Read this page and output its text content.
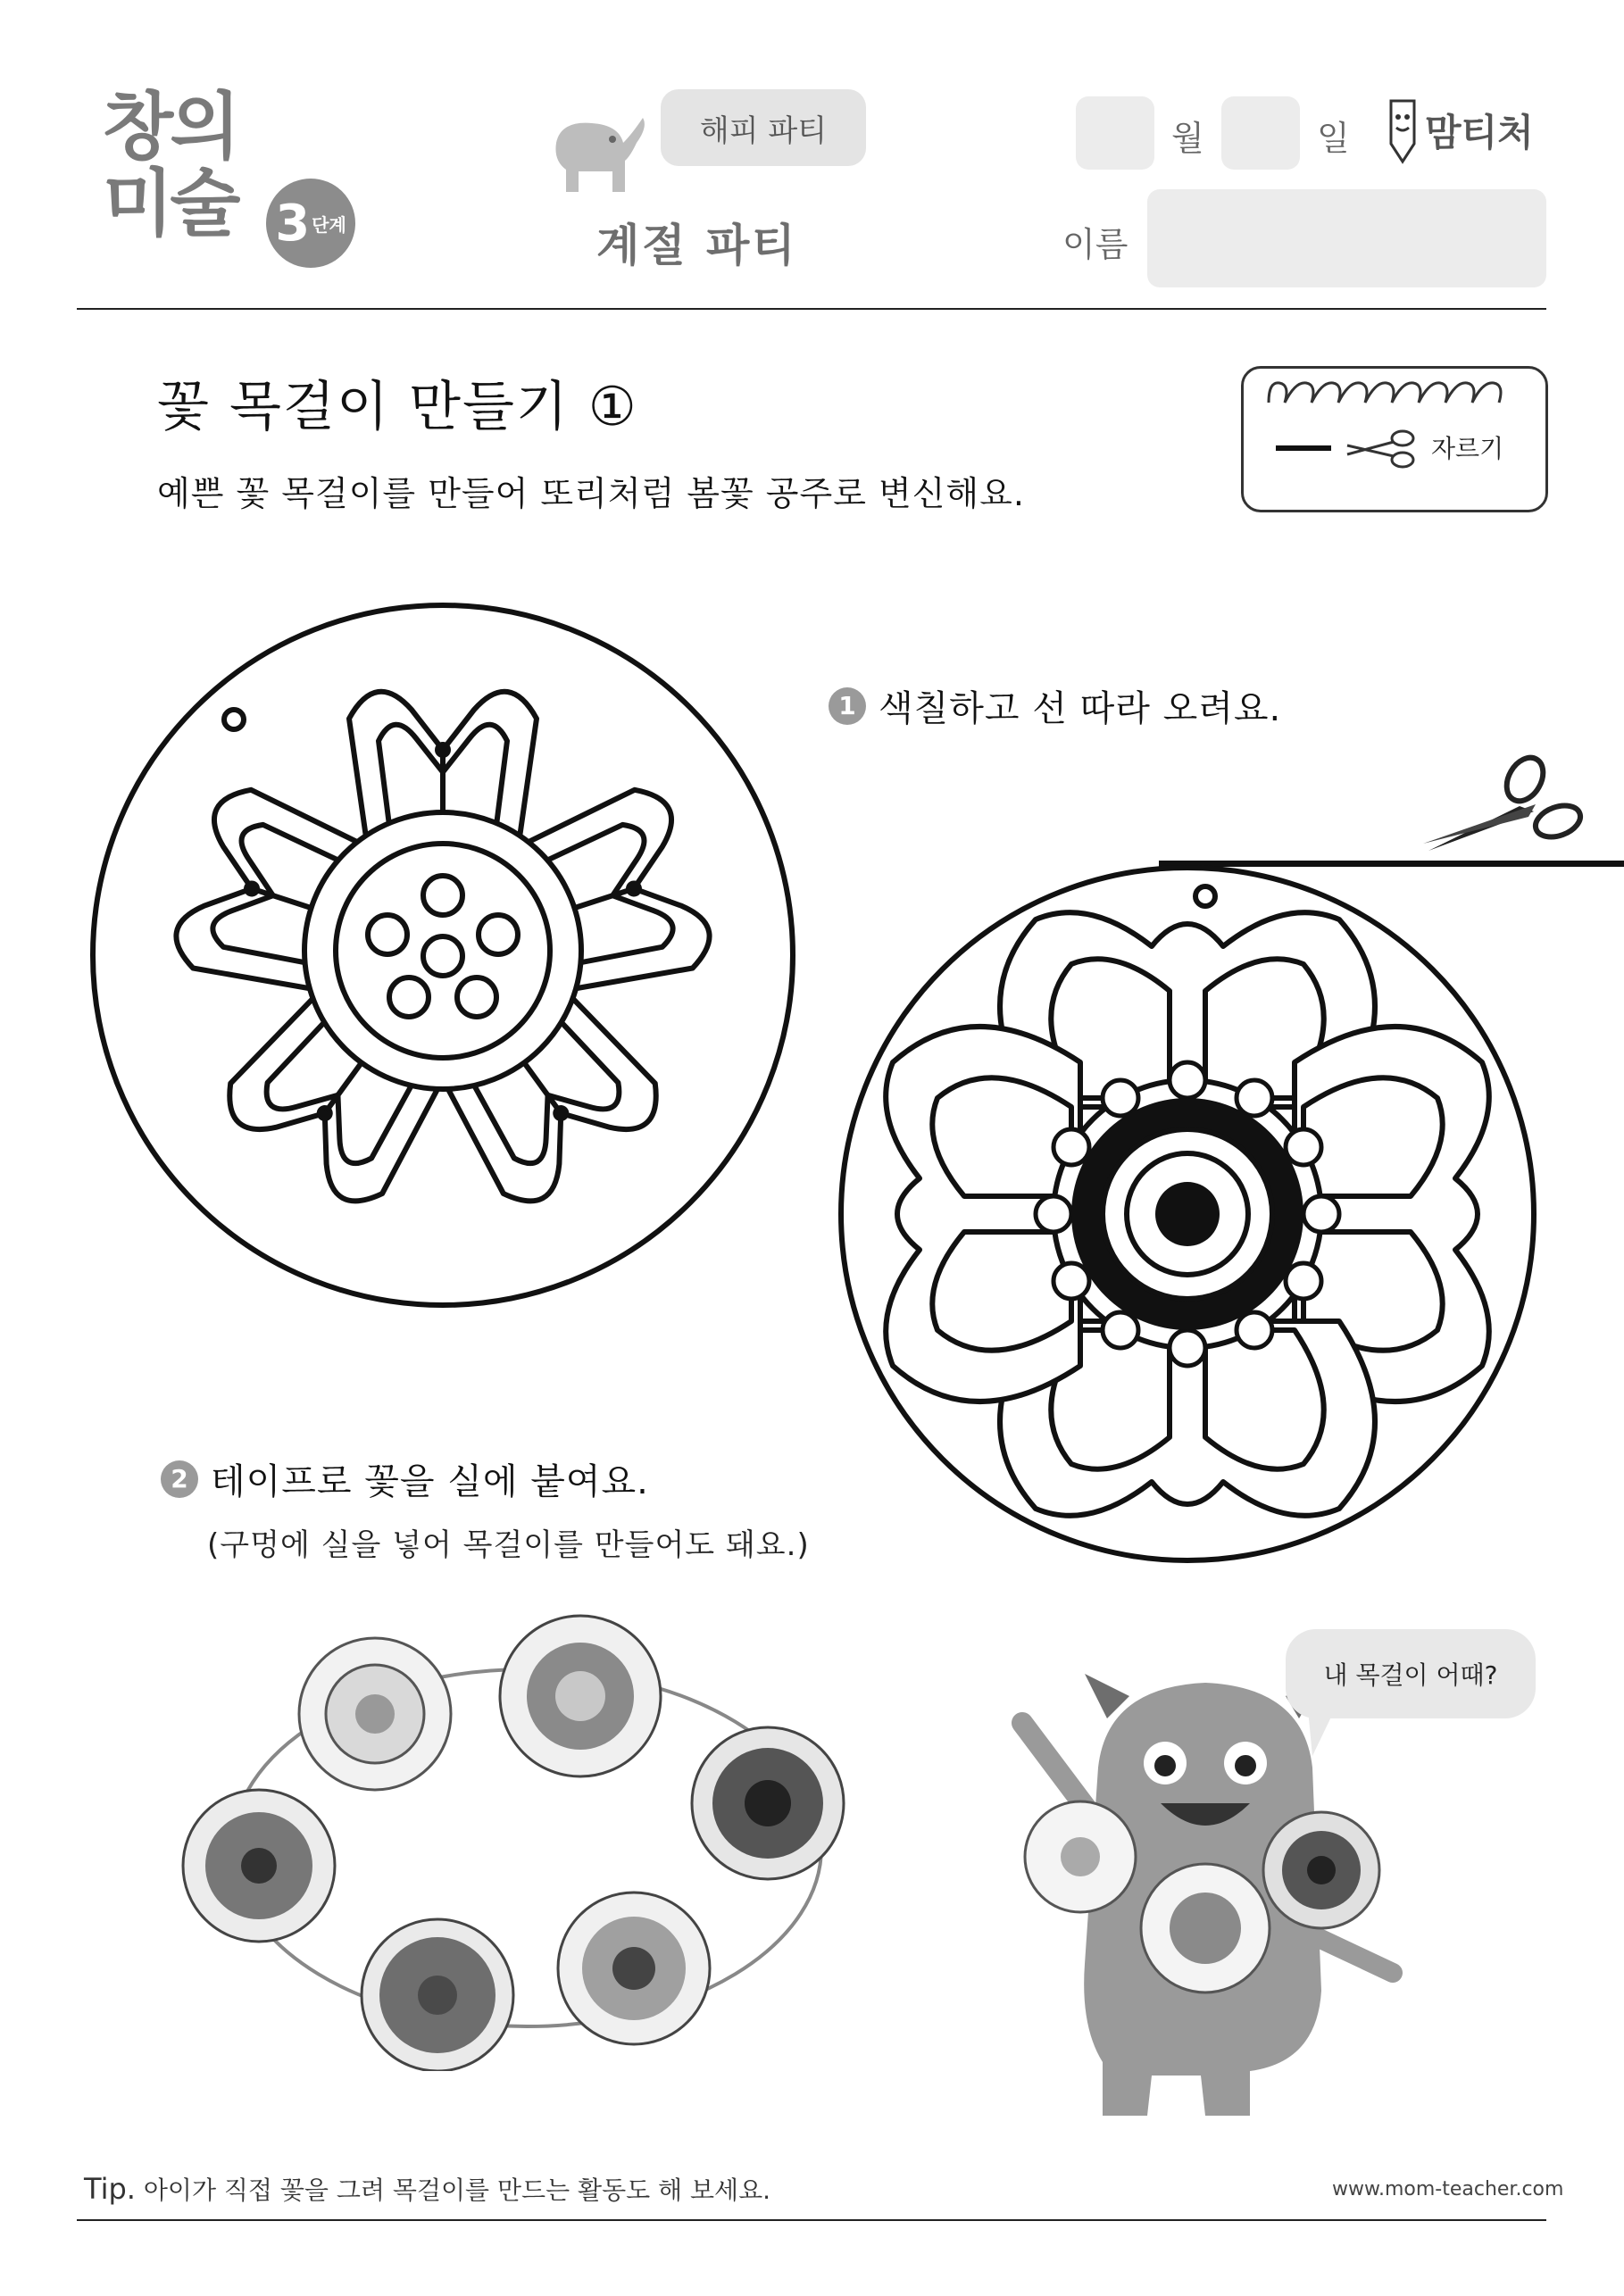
창의
미술 3 단계
해피 파티
계절 파티
월	일 맘티처
이름
꽃 목걸이 만들기 ①
예쁜 꽃 목걸이를 만들어 또리처럼 봄꽃 공주로 변신해요.
자르기
1 색칠하고 선 따라 오려요.
2 테이프로 꽃을 실에 붙여요.
(구멍에 실을 넣어 목걸이를 만들어도 돼요.)
내 목걸이 어때?
Tip. 아이가 직접 꽃을 그려 목걸이를 만드는 활동도 해 보세요.	www.mom-teacher.com
